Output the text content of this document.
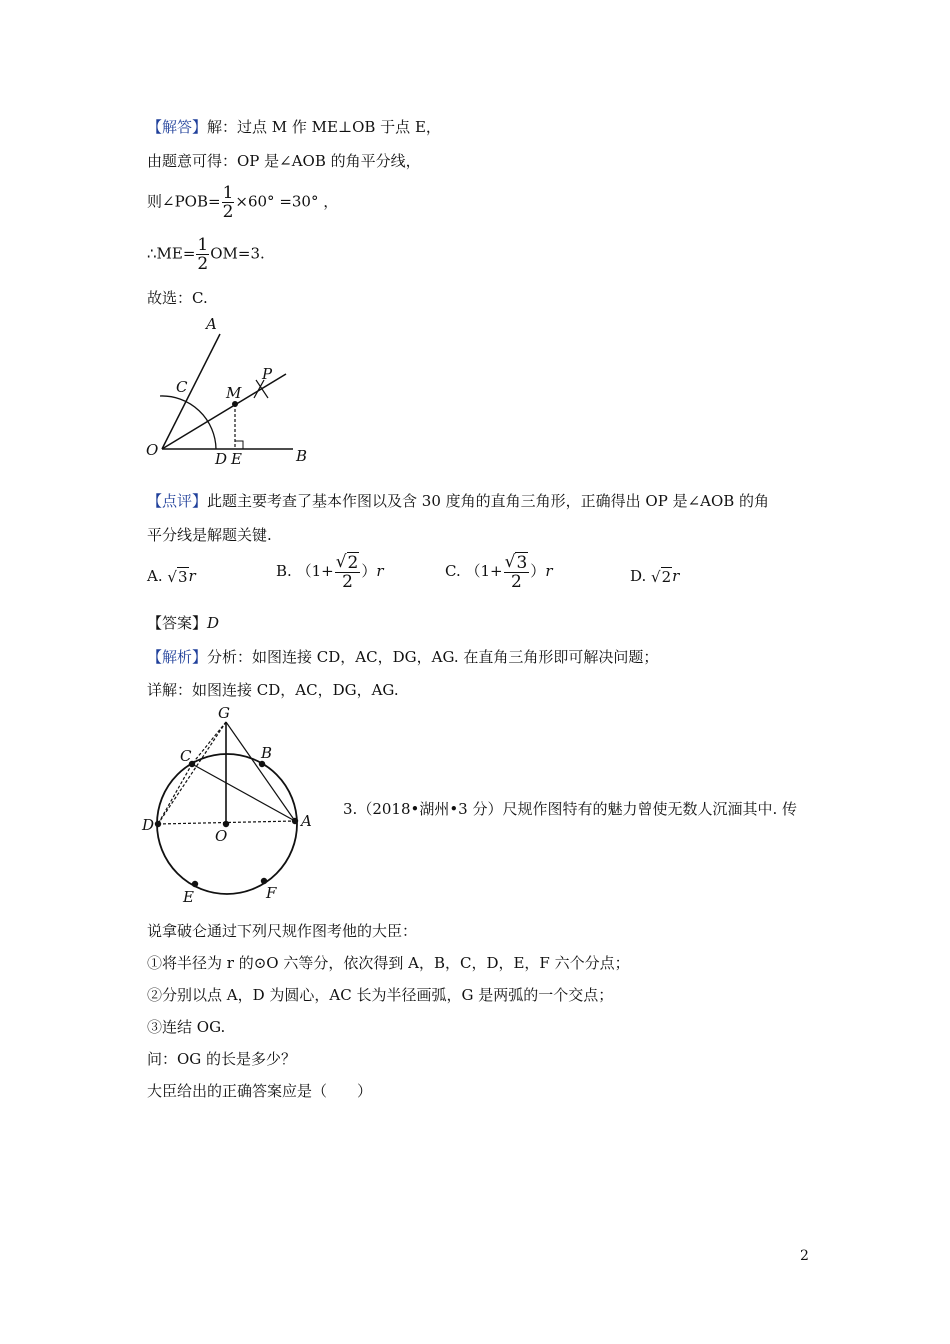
【解答】解：过点 M 作 ME⊥OB 于点 E，
由题意可得：OP 是∠AOB 的角平分线，
则∠POB= $\frac{1}{2} \times 60^\circ =30^\circ$ ，
∴ME= $\frac{1}{2} OM=3$.
故选：C.
A
C	M
P
O	D E	B
【点评】此题主要考查了基本作图以及含 30 度角的直角三角形，正确得出 OP 是∠AOB 的角
平分线是解题关键.
A. √3r	B. $(1+ \frac{√2}{2} )r$	C. $(1+ \frac{√3}{2} )r$	D. √2r
【答案】D
【解析】分析：如图连接 CD，AC，DG，AG. 在直角三角形即可解决问题；
详解：如图连接 CD，AC，DG，AG.
G
C	B
D
O
A
E	F
3.（2018•湖州•3 分）尺规作图特有的魅力曾使无数人沉湎其中. 传
说拿破仑通过下列尺规作图考他的大臣：
①将半径为 r 的⊙O 六等分，依次得到 A，B，C，D，E，F 六个分点；
②分别以点 A，D 为圆心，AC 长为半径画弧，G 是两弧的一个交点；
③连结 OG.
问：OG 的长是多少？
大臣给出的正确答案应是（　　）
2
